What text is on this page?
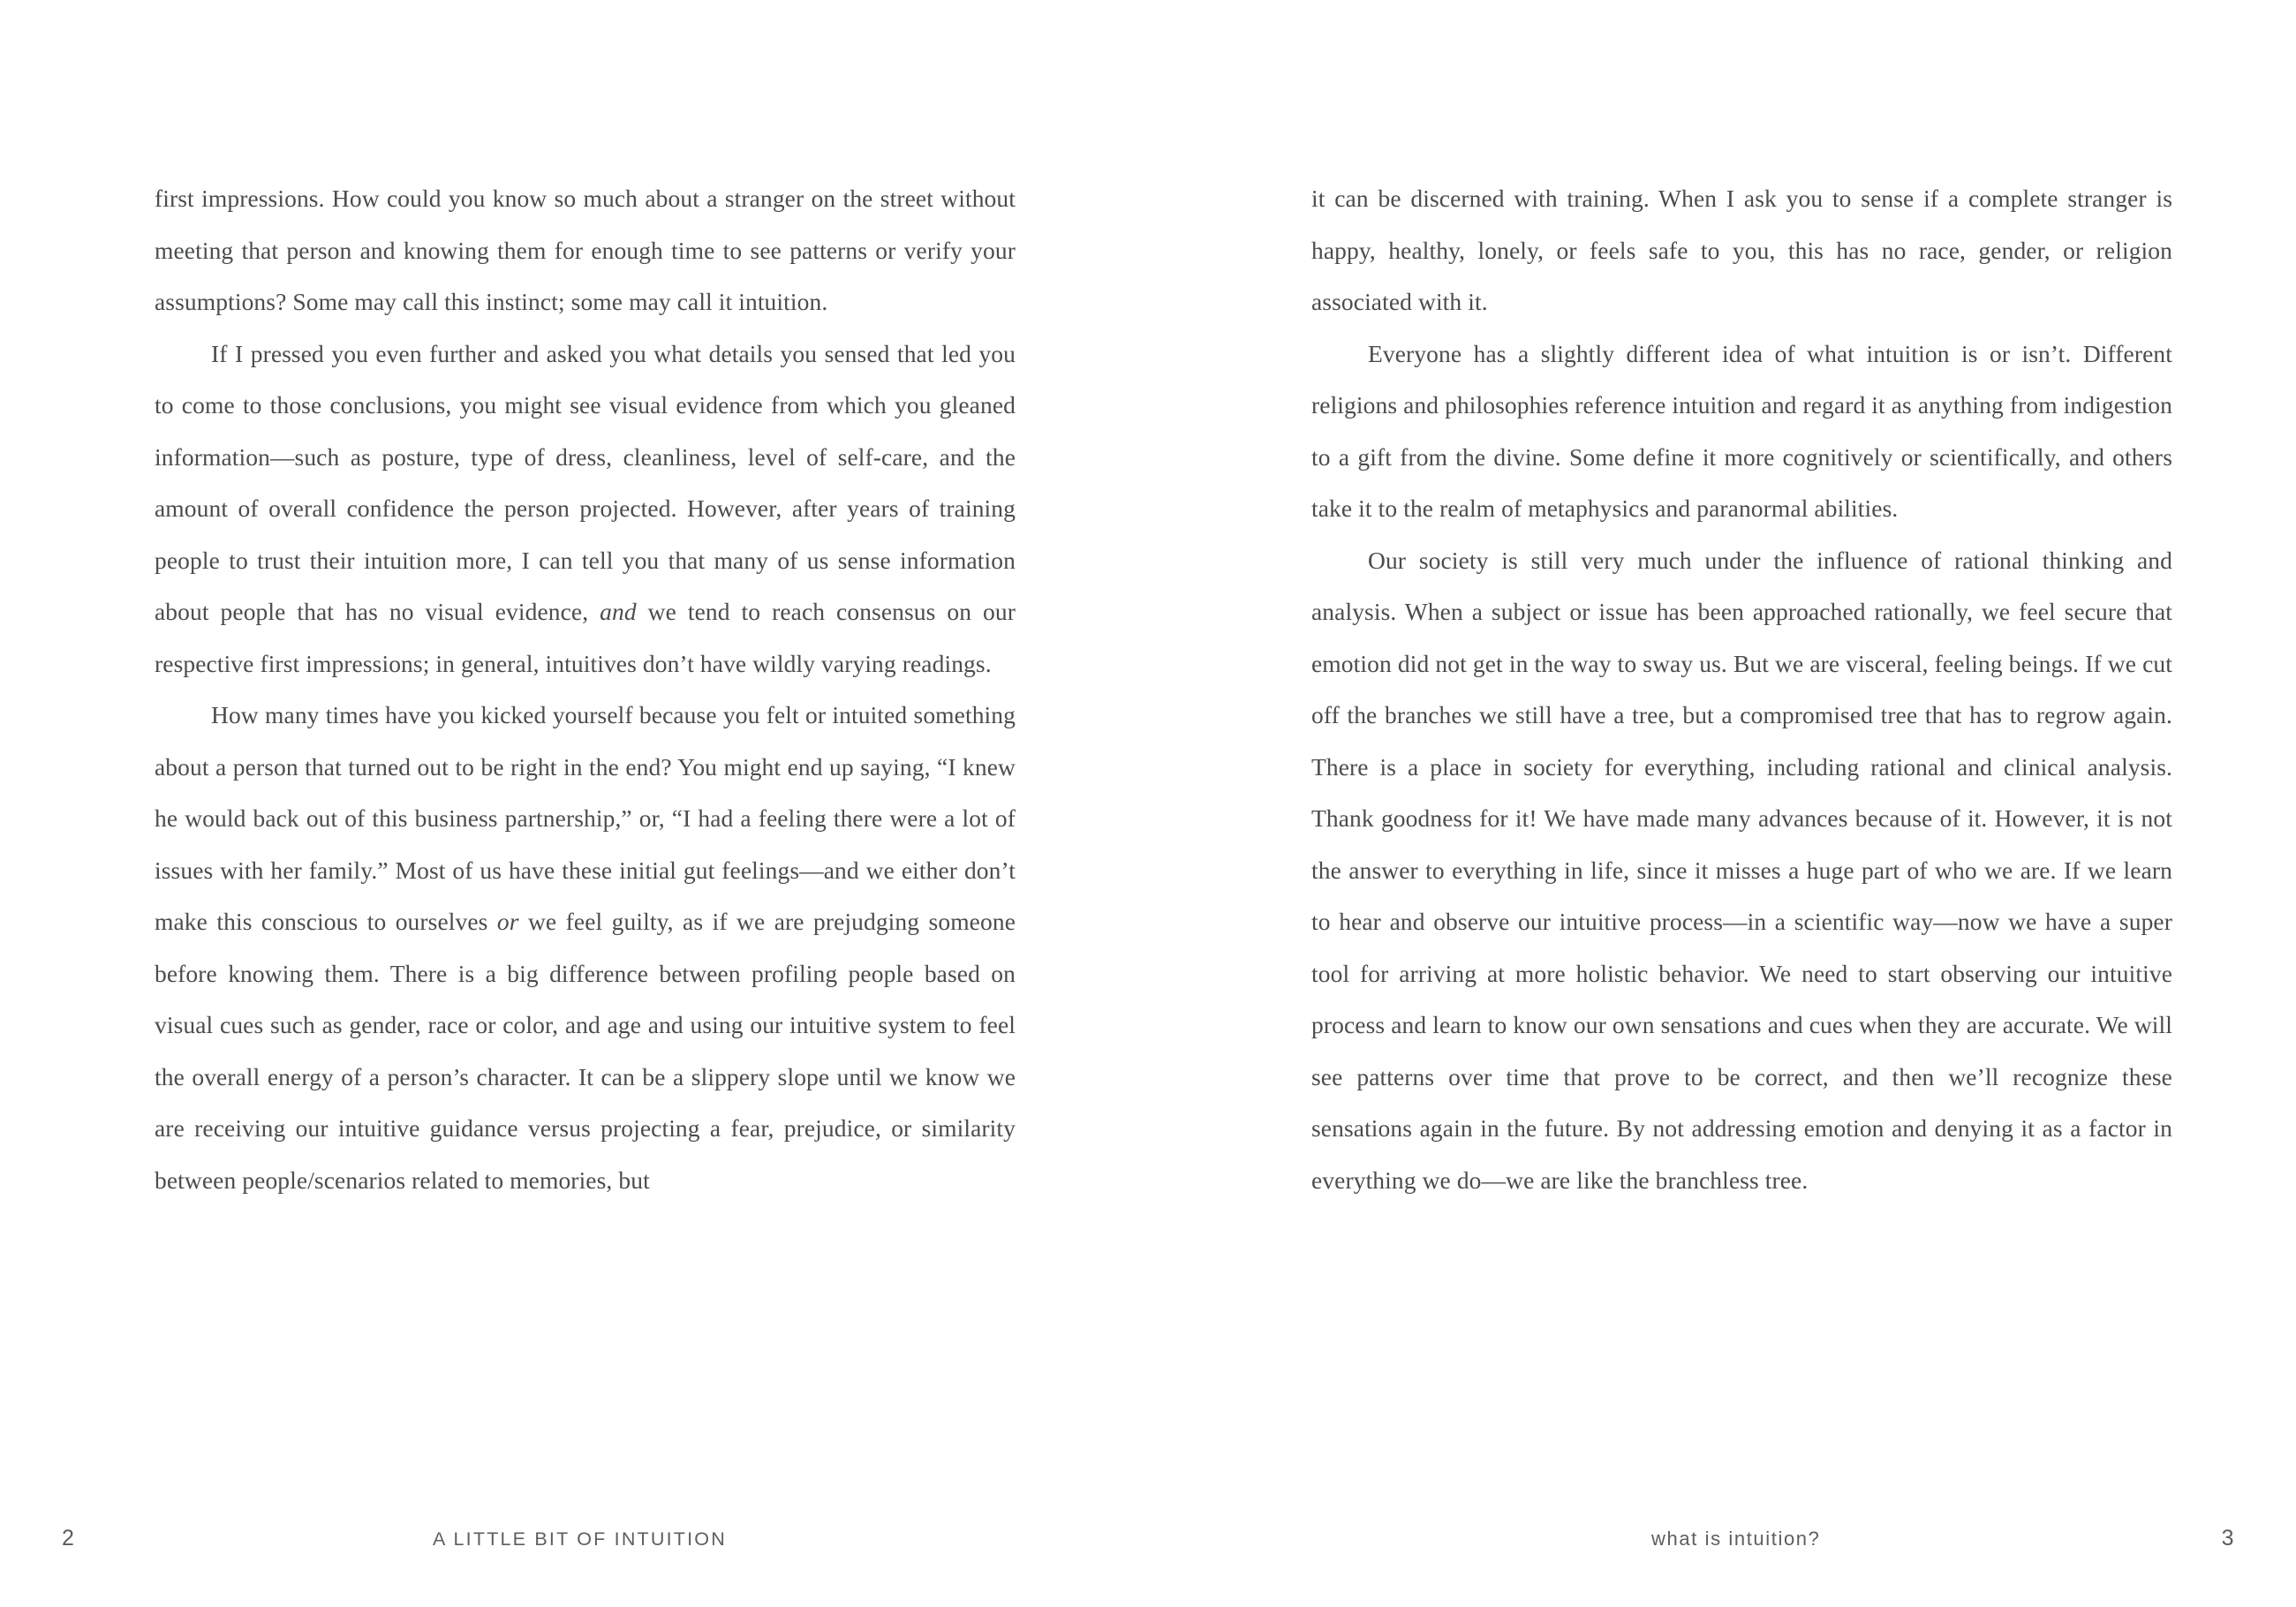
first impressions. How could you know so much about a stranger on the street without meeting that person and knowing them for enough time to see patterns or verify your assumptions? Some may call this instinct; some may call it intuition.

If I pressed you even further and asked you what details you sensed that led you to come to those conclusions, you might see visual evidence from which you gleaned information—such as posture, type of dress, cleanliness, level of self-care, and the amount of overall confidence the person projected. However, after years of training people to trust their intuition more, I can tell you that many of us sense information about people that has no visual evidence, and we tend to reach consensus on our respective first impressions; in general, intuitives don’t have wildly varying readings.

How many times have you kicked yourself because you felt or intuited something about a person that turned out to be right in the end? You might end up saying, “I knew he would back out of this business partnership,” or, “I had a feeling there were a lot of issues with her family.” Most of us have these initial gut feelings—and we either don’t make this conscious to ourselves or we feel guilty, as if we are prejudging someone before knowing them. There is a big difference between profiling people based on visual cues such as gender, race or color, and age and using our intuitive system to feel the overall energy of a person’s character. It can be a slippery slope until we know we are receiving our intuitive guidance versus projecting a fear, prejudice, or similarity between people/scenarios related to memories, but

2	A LITTLE BIT OF INTUITION

it can be discerned with training. When I ask you to sense if a complete stranger is happy, healthy, lonely, or feels safe to you, this has no race, gender, or religion associated with it.

Everyone has a slightly different idea of what intuition is or isn’t. Different religions and philosophies reference intuition and regard it as anything from indigestion to a gift from the divine. Some define it more cognitively or scientifically, and others take it to the realm of metaphysics and paranormal abilities.

Our society is still very much under the influence of rational thinking and analysis. When a subject or issue has been approached rationally, we feel secure that emotion did not get in the way to sway us. But we are visceral, feeling beings. If we cut off the branches we still have a tree, but a compromised tree that has to regrow again. There is a place in society for everything, including rational and clinical analysis. Thank goodness for it! We have made many advances because of it. However, it is not the answer to everything in life, since it misses a huge part of who we are. If we learn to hear and observe our intuitive process—in a scientific way—now we have a super tool for arriving at more holistic behavior. We need to start observing our intuitive process and learn to know our own sensations and cues when they are accurate. We will see patterns over time that prove to be correct, and then we’ll recognize these sensations again in the future. By not addressing emotion and denying it as a factor in everything we do—we are like the branchless tree.

3
what is intuition?
